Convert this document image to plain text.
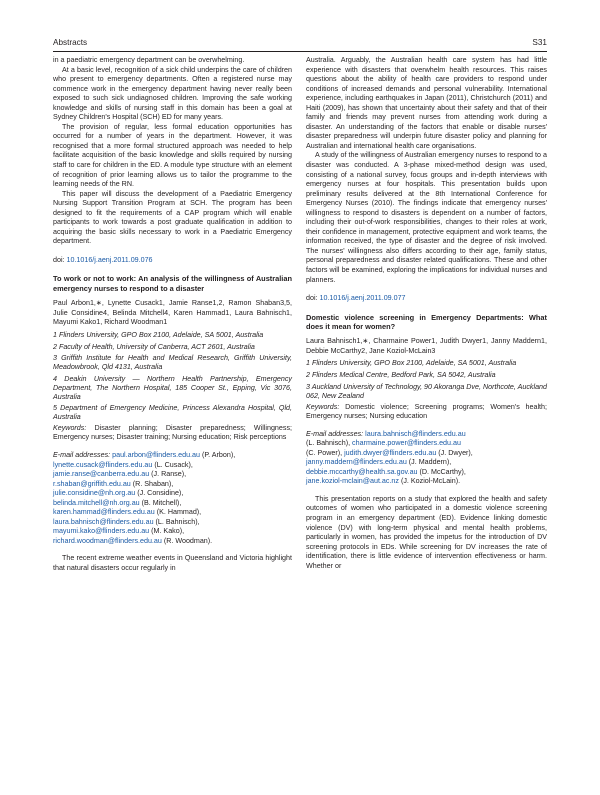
Abstracts	S31

in a paediatric emergency department can be overwhelming.

At a basic level, recognition of a sick child underpins the care of children who present to emergency departments. Often a registered nurse may commence work in the emergency department having never really been exposed to such sick undiagnosed children. Improving the safe working knowledge and skills of nursing staff in this domain has been a goal at Sydney Children's Hospital (SCH) ED for many years.

The provision of regular, less formal education opportunities has occurred for a number of years in the department. However, it was recognised that a more formal structured approach was needed to help facilitate acquisition of the basic knowledge and skills required by nursing staff to care for children in the ED. A module type structure with an element of recognition of prior learning allows us to tailor the programme to the learning needs of the RN.

This paper will discuss the development of a Paediatric Emergency Nursing Support Transition Program at SCH. The program has been designed to fit the requirements of a CAP program which will enable participants to work towards a post graduate qualification in addition to acquiring the basic skills necessary to work in a Paediatric Emergency department.

doi: 10.1016/j.aenj.2011.09.076

To work or not to work: An analysis of the willingness of Australian emergency nurses to respond to a disaster

Paul Arbon1,∗, Lynette Cusack1, Jamie Ranse1,2, Ramon Shaban3,5, Julie Considine4, Belinda Mitchell4, Karen Hammad1, Laura Bahnisch1, Mayumi Kako1, Richard Woodman1

1 Flinders University, GPO Box 2100, Adelaide, SA 5001, Australia

2 Faculty of Health, University of Canberra, ACT 2601, Australia

3 Griffith Institute for Health and Medical Research, Griffith University, Meadowbrook, Qld 4131, Australia

4 Deakin University — Northern Health Partnership, Emergency Department, The Northern Hospital, 185 Cooper St., Epping, Vic 3076, Australia

5 Department of Emergency Medicine, Princess Alexandra Hospital, Qld, Australia

Keywords: Disaster planning; Disaster preparedness; Willingness; Emergency nurses; Disaster training; Nursing education; Risk perceptions

E-mail addresses: paul.arbon@flinders.edu.au (P. Arbon),
lynette.cusack@flinders.edu.au (L. Cusack),
jamie.ranse@canberra.edu.au (J. Ranse),
r.shaban@griffith.edu.au (R. Shaban),
julie.considine@nh.org.au (J. Considine),
belinda.mitchell@nh.org.au (B. Mitchell),
karen.hammad@flinders.edu.au (K. Hammad),
laura.bahnisch@flinders.edu.au (L. Bahnisch),
mayumi.kako@flinders.edu.au (M. Kako),
richard.woodman@flinders.edu.au (R. Woodman).

The recent extreme weather events in Queensland and Victoria highlight that natural disasters occur regularly in

Australia. Arguably, the Australian health care system has had little experience with disasters that overwhelm health resources. This raises questions about the ability of health care providers to respond under conditions of increased demands and personal vulnerability. International experience, including earthquakes in Japan (2011), Christchurch (2011) and Haiti (2009), has shown that uncertainty about their safety and that of their family and friends may prevent nurses from attending work during a disaster. An understanding of the factors that enable or disable nurses' disaster preparedness will underpin future disaster policy and planning for Australian and international health care organisations.

A study of the willingness of Australian emergency nurses to respond to a disaster was conducted. A 3-phase mixed-method design was used, consisting of a national survey, focus groups and in-depth interviews with emergency nurses at four hospitals. This presentation builds upon preliminary results delivered at the 8th International Conference for Emergency Nurses (2010). The findings indicate that emergency nurses' willingness to respond to disasters is dependent on a number of factors, including their out-of-work responsibilities, changes to their roles at work, their confidence in management, protective equipment and work teams, the information received, the type of disaster and the degree of risk involved. The nurses' willingness also differs according to their age, family status, personal preparedness and disaster related qualifications. These and other factors will be examined, exploring the implications for individual nurses and planners.

doi: 10.1016/j.aenj.2011.09.077

Domestic violence screening in Emergency Departments: What does it mean for women?

Laura Bahnisch1,∗, Charmaine Power1, Judith Dwyer1, Janny Maddern1, Debbie McCarthy2, Jane Koziol-McLain3

1 Flinders University, GPO Box 2100, Adelaide, SA 5001, Australia

2 Flinders Medical Centre, Bedford Park, SA 5042, Australia

3 Auckland University of Technology, 90 Akoranga Dve, Northcote, Auckland 062, New Zealand

Keywords: Domestic violence; Screening programs; Women's health; Emergency nurses; Nursing education

E-mail addresses: laura.bahnisch@flinders.edu.au
(L. Bahnisch), charmaine.power@flinders.edu.au
(C. Power), judith.dwyer@flinders.edu.au (J. Dwyer),
janny.maddern@flinders.edu.au (J. Maddern),
debbie.mccarthy@health.sa.gov.au (D. McCarthy),
jane.koziol-mclain@aut.ac.nz (J. Koziol-McLain).

This presentation reports on a study that explored the health and safety outcomes of women who participated in a domestic violence screening program in an emergency department (ED). Evidence linking domestic violence (DV) with long-term physical and mental health problems, particularly in women, has provided the impetus for the introduction of DV screening protocols in EDs. While screening for DV increases the rate of identification, there is little evidence of intervention effectiveness or harm. Whether or
